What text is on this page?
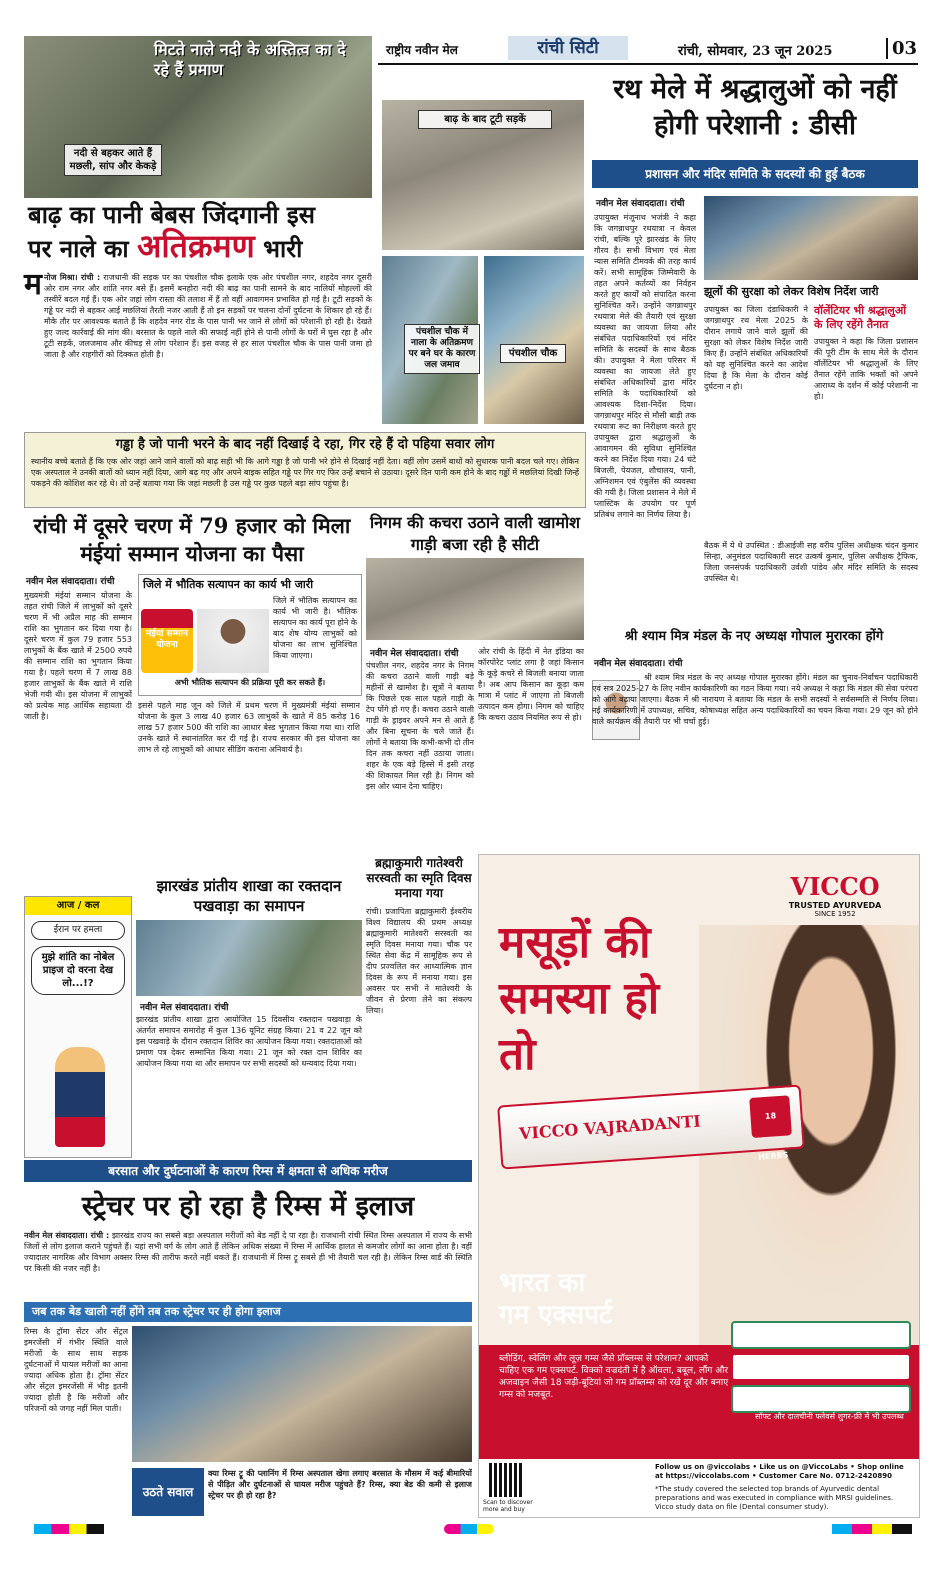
राष्ट्रीय नवीन मेल	रांची सिटी	रांची, सोमवार, 23 जून 2025	03
मिटते नाले नदी के अस्तित्व का दे रहे हैं प्रमाण
नदी से बहकर आते हैं मछली, सांप और केकड़े
बाढ़ का पानी बेबस जिंदगानी इस
पर नाले का अतिक्रमण भारी
म नोज मिश्रा। रांची : राजधानी की सड़क पर का पंचशील चौक इलाके एक ओर पंचशील नगर, शहदेव नगर दूसरी ओर राम नगर और शांति नगर बसे हैं। इसमें बनहोरा नदी की बाढ़ का पानी सामने के बाद नालियों मोहल्लों की तस्वीरें बदल गई हैं। एक ओर जहां लोग रास्ता की तलाश में हैं तो वहीं आवागमन प्रभावित हो गई है। टूटी सड़कों के गड्ढे पर नदी से बहकर आई मछलियां तैरती नजर आती हैं तो इन सड़कों पर चलना दोनों दुर्घटना के शिकार हो रहे हैं। मौके तौर पर आवश्यक बताते हैं कि शहदेव नगर रोड के पास पानी भर जाने से लोगों को परेशानी हो रही है। देखते हुए जल्द कार्रवाई की मांग की। बरसात के पहले नाले की सफाई नहीं होने से पानी लोगों के घरों में घुस रहा है और टूटी सड़कें, जलजमाव और कीचड़ से लोग परेशान हैं। इस वजह से हर साल पंचशील चौक के पास पानी जमा हो जाता है और राहगीरों को दिक्कत होती है।
बाढ़ के बाद टूटी सड़कें
पंचशील चौक में नाला के अतिक्रमण पर बने घर के कारण जल जमाव
पंचशील चौक
गड्ढा है जो पानी भरने के बाद नहीं दिखाई दे रहा, गिर रहे हैं दो पहिया सवार लोग
स्थानीय बच्चे बताते हैं कि एक ओर जहां आने जाने वालों को बाढ़ सही भी कि आगे गड्ढा है जो पानी भरे होने से दिखाई नहीं देता। वहीं लोग उसमें बाधों को सुधारक पानी बदल चले गए। लेकिन एक अस्पताल ने उनकी बातों को ध्यान नहीं दिया, आगे बढ़ गए और अपने बाइक सहित गड्ढे पर गिर गए फिर उन्हें बचाने से उठाया। दूसरे दिन पानी कम होने के बाद गड्ढों में मछलियां दिखी जिन्हें पकड़ने की कोशिश कर रहे थे। तो उन्हें बताया गया कि जहां मछली है उस गड्ढे पर कुछ पहले बड़ा सांप पहुंचा है।
रथ मेले में श्रद्धालुओं को नहीं होगी परेशानी : डीसी
प्रशासन और मंदिर समिति के सदस्यों की हुई बैठक
नवीन मेल संवाददाता। रांची
उपायुक्त मंजूनाथ भजंत्री ने कहा कि जगन्नाथपुर रथयात्रा न केवल रांची, बल्कि पूरे झारखंड के लिए गौरव है। सभी विभाग एवं मेला न्यास समिति टीमवर्क की तरह कार्य करें। सभी सामूहिक जिम्मेवारी के तहत अपने कर्तव्यों का निर्वहन करते हुए कार्यों को संपादित करना सुनिश्चित करें। उन्होंने जगन्नाथपुर रथयात्रा मेले की तैयारी एवं सुरक्षा व्यवस्था का जायजा लिया और संबंधित पदाधिकारियों एवं मंदिर समिति के सदस्यों के साथ बैठक की। उपायुक्त ने मेला परिसर में व्यवस्था का जायजा लेते हुए संबंधित अधिकारियों द्वारा मंदिर समिति के पदाधिकारियों को आवश्यक दिशा-निर्देश दिया। जगन्नाथपुर मंदिर से मौसी बाड़ी तक रथयात्रा रूट का निरीक्षण करते हुए उपायुक्त द्वारा श्रद्धालुओं के आवागमन की सुविधा सुनिश्चित करने का निर्देश दिया गया। 24 घंटे बिजली, पेयजल, शौचालय, पानी, अग्निशमन एवं एंबुलेंस की व्यवस्था की गयी है। जिला प्रशासन ने मेले में प्लास्टिक के उपयोग पर पूर्ण प्रतिबंध लगाने का निर्णय लिया है।
झूलों की सुरक्षा को लेकर विशेष निर्देश जारी
उपायुक्त का जिला दंडाधिकारी ने जगन्नाथपुर रथ मेला 2025 के दौरान लगाये जाने वाले झूलों की सुरक्षा को लेकर विशेष निर्देश जारी किए हैं। उन्होंने संबंधित अधिकारियों को यह सुनिश्चित करने का आदेश दिया है कि मेला के दौरान कोई दुर्घटना न हो।
वॉलेंटियर भी श्रद्धालुओं के लिए रहेंगे तैनात
उपायुक्त ने कहा कि जिला प्रशासन की पूरी टीम के साथ मेले के दौरान वॉलेंटियर भी श्रद्धालुओं के लिए तैनात रहेंगे ताकि भक्तों को अपने आराध्य के दर्शन में कोई परेशानी ना हो।
बैठक में ये थे उपस्थित : डीआईजी सह वरीय पुलिस अधीक्षक चंदन कुमार सिन्हा, अनुमंडल पदाधिकारी सदर उत्कर्ष कुमार, पुलिस अधीक्षक ट्रैफिक, जिला जनसंपर्क पदाधिकारी उर्वशी पांडेय और मंदिर समिति के सदस्य उपस्थित थे।
रांची में दूसरे चरण में 79 हजार को मिला मंईयां सम्मान योजना का पैसा
नवीन मेल संवाददाता। रांची
मुख्यमंत्री मंईयां सम्मान योजना के तहत रांची जिले में लाभुकों को दूसरे चरण में भी अप्रैल माह की सम्मान राशि का भुगतान कर दिया गया है। दूसरे चरण में कुल 79 हजार 553 लाभुकों के बैंक खाते में 2500 रुपये की सम्मान राशि का भुगतान किया गया है। पहले चरण में 7 लाख 88 हजार लाभुकों के बैंक खाते में राशि भेजी गयी थी। इस योजना में लाभुकों को प्रत्येक माह आर्थिक सहायता दी जाती है।
जिले में भौतिक सत्यापन का कार्य भी जारी
मंईयां सम्मान योजना
जिले में भौतिक सत्यापन का कार्य भी जारी है। भौतिक सत्यापन का कार्य पूरा होने के बाद शेष योग्य लाभुकों को योजना का लाभ सुनिश्चित किया जाएगा।
अभी भौतिक सत्यापन की प्रक्रिया पूरी कर सकते हैं।
इससे पहले माह जून को जिले में प्रथम चरण में मुख्यमंत्री मंईयां सम्मान योजना के कुल 3 लाख 40 हजार 63 लाभुकों के खाते में 85 करोड़ 16 लाख 57 हजार 500 की राशि का आधार बेस्ड भुगतान किया गया था। राशि उनके खाते में स्थानांतरित कर दी गई है। राज्य सरकार की इस योजना का लाभ ले रहे लाभुकों को आधार सीडिंग कराना अनिवार्य है।
निगम की कचरा उठाने वाली खामोश गाड़ी बजा रही है सीटी
नवीन मेल संवाददाता। रांची
पंचशील नगर, शहदेव नगर के निगम की कचरा उठाने वाली गाड़ी बड़े महीनों से खामोश है। सूत्रों ने बताया कि पिछले एक साल पहले गाड़ी के टेप पोंगे हो गए हैं। कचरा उठाने वाली गाड़ी के ड्राइवर अपने मन से आते हैं और बिना सूचना के चले जाते हैं। लोगों ने बताया कि कभी-कभी दो तीन दिन तक कचरा नहीं उठाया जाता। शहर के एक बड़े हिस्से में इसी तरह की शिकायत मिल रही है। निगम को इस ओर ध्यान देना चाहिए।
ओर रांची के हिंदी में नेत इंडिया का कॉरपोरेट प्लांट लगा है जहां किसान के कूड़े कचरे से बिजली बनाया जाता है। अब आप किसान का कूड़ा कम मात्रा में प्लांट में जाएगा तो बिजली उत्पादन कम होगा। निगम को चाहिए कि कचरा उठाव नियमित रूप से हो।
श्री श्याम मित्र मंडल के नए अध्यक्ष गोपाल मुरारका होंगे
नवीन मेल संवाददाता। रांची
श्री श्याम मित्र मंडल के नए अध्यक्ष गोपाल मुरारका होंगे। मंडल का चुनाव-निर्वाचन पदाधिकारी एवं सत्र 2025-27 के लिए नवीन कार्यकारिणी का गठन किया गया। नये अध्यक्ष ने कहा कि मंडल की सेवा परंपरा को आगे बढ़ाया जाएगा। बैठक में श्री नारायण ने बताया कि मंडल के सभी सदस्यों ने सर्वसम्मति से निर्णय लिया। नई कार्यकारिणी में उपाध्यक्ष, सचिव, कोषाध्यक्ष सहित अन्य पदाधिकारियों का चयन किया गया। 29 जून को होने वाले कार्यक्रम की तैयारी पर भी चर्चा हुई।
आज / कल
ईरान पर हमला
मुझे शांति का नोबेल प्राइज दो वरना देख लो...!?
झारखंड प्रांतीय शाखा का रक्तदान पखवाड़ा का समापन
नवीन मेल संवाददाता। रांची
झारखंड प्रांतीय शाखा द्वारा आयोजित 15 दिवसीय रक्तदान पखवाड़ा के अंतर्गत समापन समारोह में कुल 136 यूनिट संग्रह किया। 21 व 22 जून को इस पखवाड़े के दौरान रक्तदान शिविर का आयोजन किया गया। रक्तदाताओं को प्रमाण पत्र देकर सम्मानित किया गया। 21 जून को रक्त दान शिविर का आयोजन किया गया था और समापन पर सभी सदस्यों को धन्यवाद दिया गया।
ब्रह्माकुमारी गातेश्वरी सरस्वती का स्मृति दिवस मनाया गया
रांची। प्रजापिता ब्रह्माकुमारी ईश्वरीय विश्व विद्यालय की प्रथम अध्यक्ष ब्रह्माकुमारी मातेश्वरी सरस्वती का स्मृति दिवस मनाया गया। चौक पर स्थित सेवा केंद्र में सामूहिक रूप से दीप प्रज्वलित कर आध्यात्मिक ज्ञान दिवस के रूप में मनाया गया। इस अवसर पर सभी ने मातेश्वरी के जीवन से प्रेरणा लेने का संकल्प लिया।
बरसात और दुर्घटनाओं के कारण रिम्स में क्षमता से अधिक मरीज
स्ट्रेचर पर हो रहा है रिम्स में इलाज
नवीन मेल संवाददाता। रांची : झारखंड राज्य का सबसे बड़ा अस्पताल मरीजों को बेड नहीं दे पा रहा है। राजधानी रांची स्थित रिम्स अस्पताल में राज्य के सभी जिलों से लोग इलाज कराने पहुंचते हैं। यहां सभी वर्ग के लोग आते हैं लेकिन अधिक संख्या में रिम्स में आर्थिक हालत से कमजोर लोगों का आना होता है। वहीं ज्यादातर नागरिक और विभाग अक्सर रिम्स की तारीफ करते नहीं थकते हैं। राजधानी में रिम्स ट्रू सबसे ही भी तैयारी चल रही है। लेकिन रिम्स वार्ड की स्थिति पर किसी की नजर नहीं है।
जब तक बेड खाली नहीं होंगे तब तक स्ट्रेचर पर ही होगा इलाज
रिम्स के ट्रॉमा सेंटर और सेंट्रल इमरजेंसी में गंभीर स्थिति वाले मरीजों के साथ साथ सड़क दुर्घटनाओं में घायल मरीजों का आना ज्यादा अधिक होता है। ट्रॉमा सेंटर और सेंट्रल इमरजेंसी में भीड़ इतनी ज्यादा होती है कि मरीजों और परिजनों को जगह नहीं मिल पाती।
उठते सवाल
क्या रिम्स ट्रू की प्लानिंग में रिम्स अस्पताल खेगा लगाए बरसात के मौसम में कई बीमारियों से पीड़ित और दुर्घटनाओं से घायल मरीज पहुंचते हैं? रिम्स, क्या बेड की कमी से इलाज स्ट्रेचर पर ही हो रहा है?
VICCO
TRUSTED AYURVEDA
SINCE 1952
मसूड़ों की समस्या हो तो
VICCO VAJRADANTI	18 HERBS
भारत का
गम एक्सपर्ट
ब्लीडिंग, स्वेलिंग और लूज़ गम्स जैसे प्रॉब्लम्स से परेशान? आपको चाहिए एक गम एक्सपर्ट. विक्को वज्रदंती में है ऑवला, बबूल, लौंग और अजवाइन जैसी 18 जड़ी-बूटियां जो गम प्रॉब्लम्स को रखे दूर और बनाए गम्स को मजबूत.
सॉफ्ट और दालचीनी फ्लेवर्स शुगर-फ्री में भी उपलब्ध
Scan to discover more and buy
Follow us on @viccolabs • Like us on @ViccoLabs • Shop online at https://viccolabs.com • Customer Care No. 0712-2420890
*The study covered the selected top brands of Ayurvedic dental preparations and was executed in compliance with MRSI guidelines. Vicco study data on file (Dental consumer study).
